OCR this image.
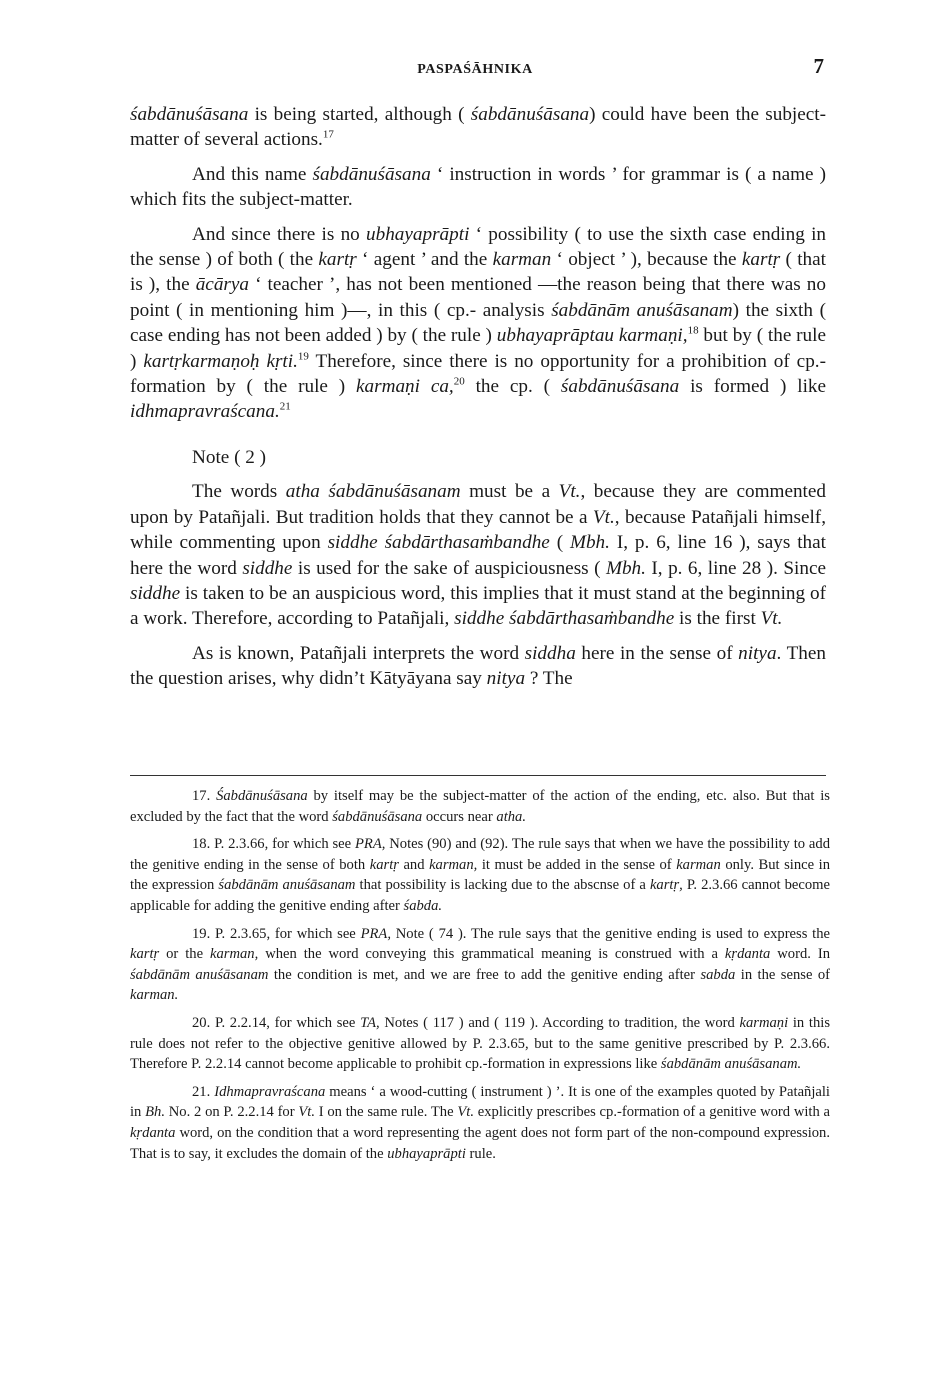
PASPAŚĀHNIKA	7

śabdānuśāsana is being started, although ( śabdānuśāsana) could have been the subject-matter of several actions.$^{17}$

And this name śabdānuśāsana ‘ instruction in words ’ for grammar is ( a name ) which fits the subject-matter.

And since there is no ubhayaprāpti ‘ possibility ( to use the sixth case ending in the sense ) of both ( the kartṛ ‘ agent ’ and the karman ‘ object ’ ), because the kartṛ ( that is ), the ācārya ‘ teacher ’, has not been mentioned —the reason being that there was no point ( in mentioning him )—, in this ( cp.- analysis śabdānām anuśāsanam) the sixth ( case ending has not been added ) by ( the rule ) ubhayaprāptau karmaṇi,$^{18}$ but by ( the rule ) kartṛkarmaṇoḥ kṛti.$^{19}$ Therefore, since there is no opportunity for a prohibition of cp.-formation by ( the rule ) karmaṇi ca,$^{20}$ the cp. ( śabdānuśāsana is formed ) like idhmapravraścana.$^{21}$

Note ( 2 )

The words atha śabdānuśāsanam must be a Vt., because they are commented upon by Patañjali. But tradition holds that they cannot be a Vt., because Patañjali himself, while commenting upon siddhe śabdārthasaṁbandhe ( Mbh. I, p. 6, line 16 ), says that here the word siddhe is used for the sake of auspiciousness ( Mbh. I, p. 6, line 28 ). Since siddhe is taken to be an auspicious word, this implies that it must stand at the beginning of a work. Therefore, according to Patañjali, siddhe śabdārthasaṁbandhe is the first Vt.

As is known, Patañjali interprets the word siddha here in the sense of nitya. Then the question arises, why didn’t Kātyāyana say nitya ? The

17. Śabdānuśāsana by itself may be the subject-matter of the action of the ending, etc. also. But that is excluded by the fact that the word śabdānuśāsana occurs near atha.

18. P. 2.3.66, for which see PRA, Notes (90) and (92). The rule says that when we have the possibility to add the genitive ending in the sense of both kartṛ and karman, it must be added in the sense of karman only. But since in the expression śabdānām anuśāsanam that possibility is lacking due to the abscnse of a kartṛ, P. 2.3.66 cannot become applicable for adding the genitive ending after śabda.

19. P. 2.3.65, for which see PRA, Note ( 74 ). The rule says that the genitive ending is used to express the kartṛ or the karman, when the word conveying this grammatical meaning is construed with a kṛdanta word. In śabdānām anuśāsanam the condition is met, and we are free to add the genitive ending after sabda in the sense of karman.

20. P. 2.2.14, for which see TA, Notes ( 117 ) and ( 119 ). According to tradition, the word karmaṇi in this rule does not refer to the objective genitive allowed by P. 2.3.65, but to the same genitive prescribed by P. 2.3.66. Therefore P. 2.2.14 cannot become applicable to prohibit cp.-formation in expressions like śabdānām anuśāsanam.

21. Idhmapravraścana means ‘ a wood-cutting ( instrument ) ’. It is one of the examples quoted by Patañjali in Bh. No. 2 on P. 2.2.14 for Vt. I on the same rule. The Vt. explicitly prescribes cp.-formation of a genitive word with a kṛdanta word, on the condition that a word representing the agent does not form part of the non-compound expression. That is to say, it excludes the domain of the ubhayaprāpti rule.
